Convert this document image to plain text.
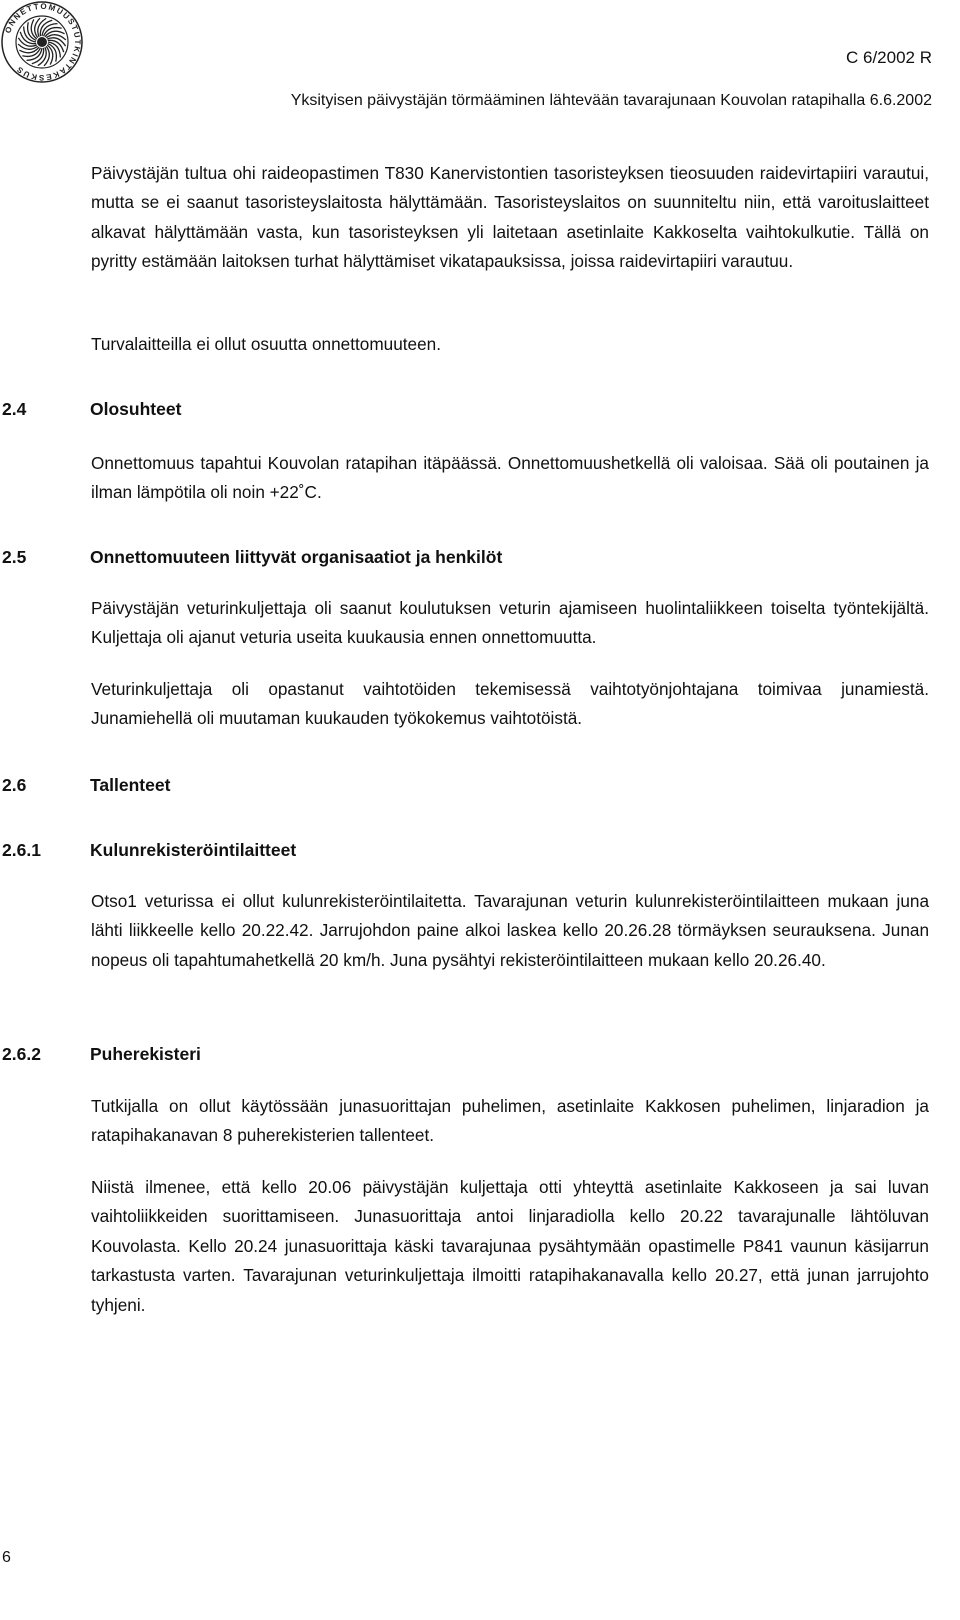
ONNETTOMUUSTUTKINTAKESKUS
C 6/2002 R
Yksityisen päivystäjän törmääminen lähtevään tavarajunaan Kouvolan ratapihalla 6.6.2002

Päivystäjän tultua ohi raideopastimen T830 Kanervistontien tasoristeyksen tieosuuden raidevirtapiiri varautui, mutta se ei saanut tasoristeyslaitosta hälyttämään. Tasoristeyslaitos on suunniteltu niin, että varoituslaitteet alkavat hälyttämään vasta, kun tasoristeyksen yli laitetaan asetinlaite Kakkoselta vaihtokulkutie. Tällä on pyritty estämään laitoksen turhat hälyttämiset vikatapauksissa, joissa raidevirtapiiri varautuu.

Turvalaitteilla ei ollut osuutta onnettomuuteen.

2.4	Olosuhteet

Onnettomuus tapahtui Kouvolan ratapihan itäpäässä. Onnettomuushetkellä oli valoisaa. Sää oli poutainen ja ilman lämpötila oli noin +22˚C.

2.5	Onnettomuuteen liittyvät organisaatiot ja henkilöt

Päivystäjän veturinkuljettaja oli saanut koulutuksen veturin ajamiseen huolintaliikkeen toiselta työntekijältä. Kuljettaja oli ajanut veturia useita kuukausia ennen onnettomuutta.

Veturinkuljettaja oli opastanut vaihtotöiden tekemisessä vaihtotyönjohtajana toimivaa junamiestä. Junamiehellä oli muutaman kuukauden työkokemus vaihtotöistä.

2.6	Tallenteet
2.6.1	Kulunrekisteröintilaitteet

Otso1 veturissa ei ollut kulunrekisteröintilaitetta. Tavarajunan veturin kulunrekisteröintilaitteen mukaan juna lähti liikkeelle kello 20.22.42. Jarrujohdon paine alkoi laskea kello 20.26.28 törmäyksen seurauksena. Junan nopeus oli tapahtumahetkellä 20 km/h. Juna pysähtyi rekisteröintilaitteen mukaan kello 20.26.40.

2.6.2	Puherekisteri

Tutkijalla on ollut käytössään junasuorittajan puhelimen, asetinlaite Kakkosen puhelimen, linjaradion ja ratapihakanavan 8 puherekisterien tallenteet.

Niistä ilmenee, että kello 20.06 päivystäjän kuljettaja otti yhteyttä asetinlaite Kakkoseen ja sai luvan vaihtoliikkeiden suorittamiseen. Junasuorittaja antoi linjaradiolla kello 20.22 tavarajunalle lähtöluvan Kouvolasta. Kello 20.24 junasuorittaja käski tavarajunaa pysähtymään opastimelle P841 vaunun käsijarrun tarkastusta varten. Tavarajunan veturinkuljettaja ilmoitti ratapihakanavalla kello 20.27, että junan jarrujohto tyhjeni.

6
